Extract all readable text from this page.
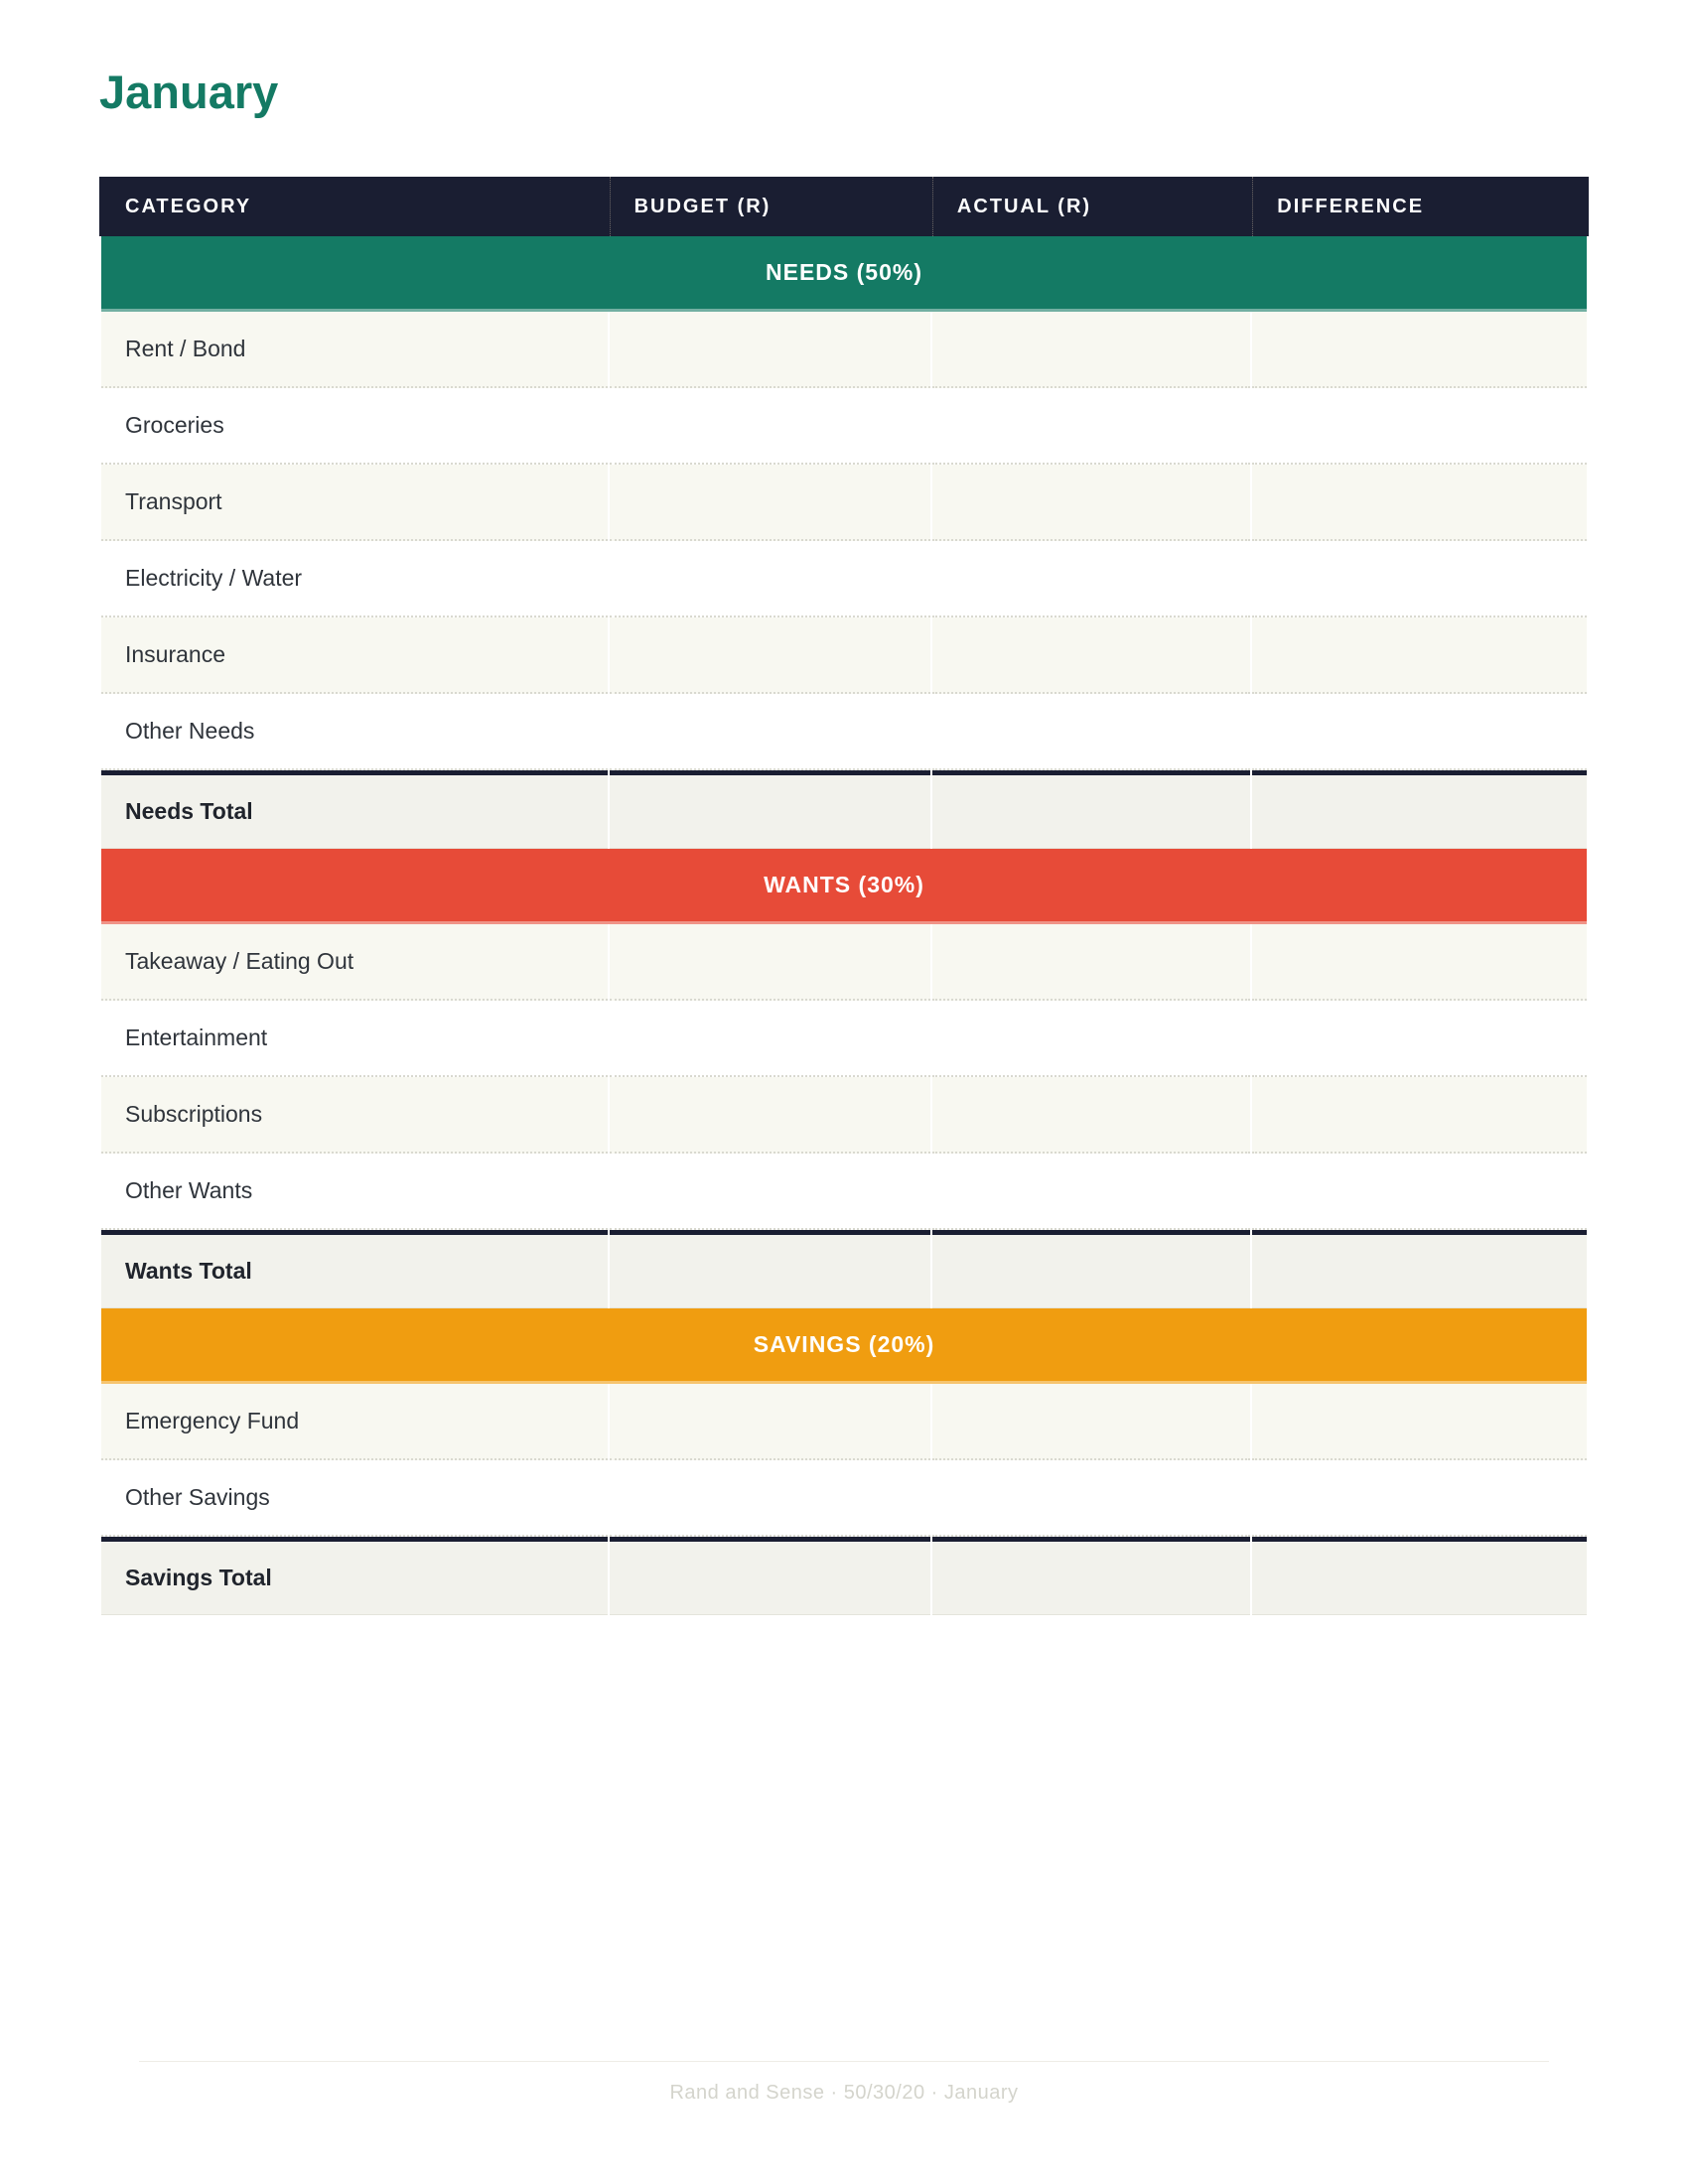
January
CATEGORY	BUDGET (R)	ACTUAL (R)	DIFFERENCE
NEEDS (50%)			
Rent / Bond			
Groceries			
Transport			
Electricity / Water			
Insurance			
Other Needs			
Needs Total			
WANTS (30%)			
Takeaway / Eating Out			
Entertainment			
Subscriptions			
Other Wants			
Wants Total			
SAVINGS (20%)			
Emergency Fund			
Other Savings			
Savings Total			
Rand and Sense · 50/30/20 · January
